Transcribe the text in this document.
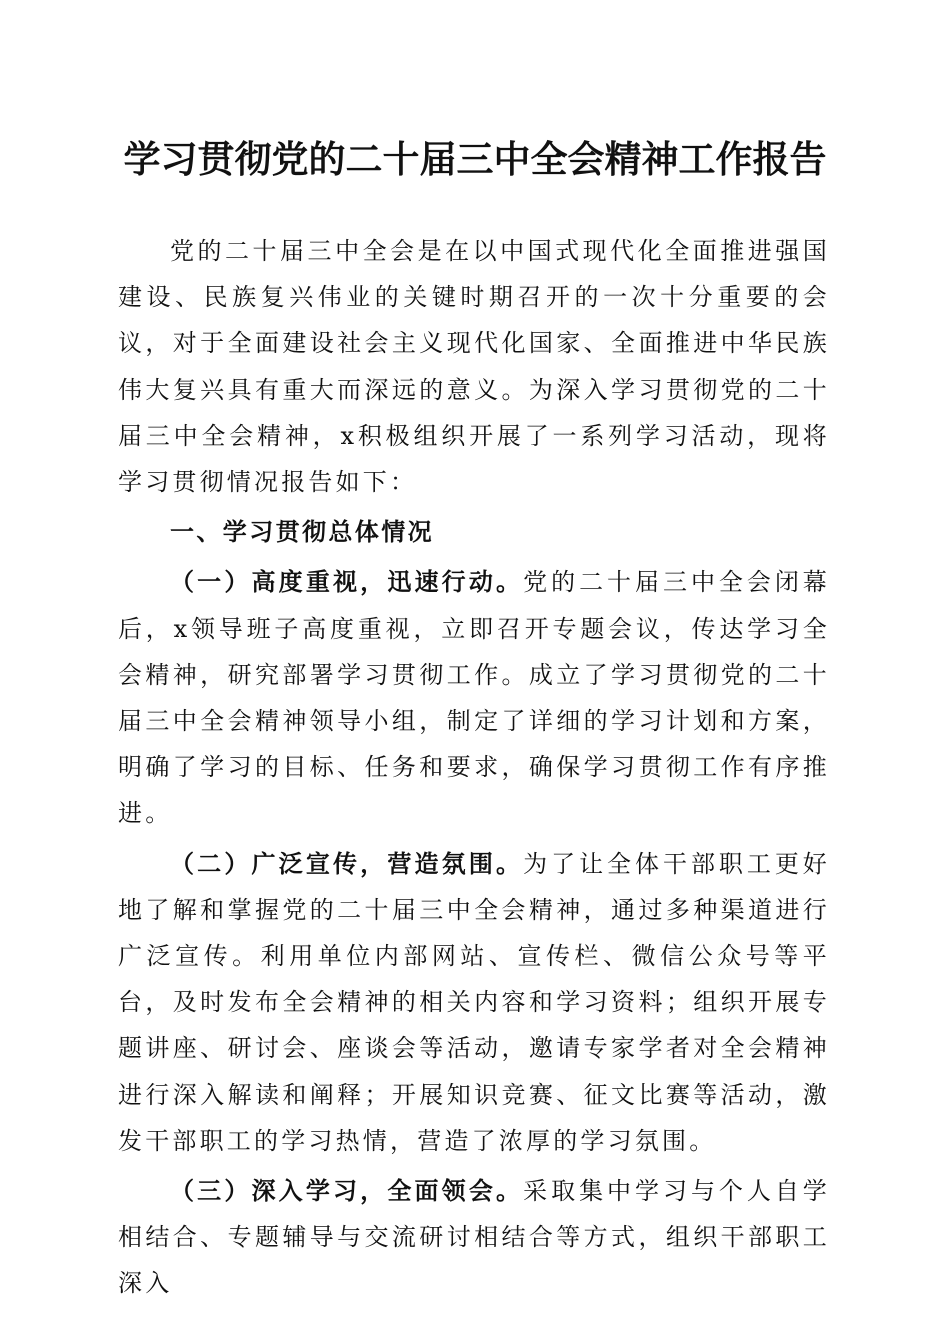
学习贯彻党的二十届三中全会精神工作报告

党的二十届三中全会是在以中国式现代化全面推进强国建设、民族复兴伟业的关键时期召开的一次十分重要的会议，对于全面建设社会主义现代化国家、全面推进中华民族伟大复兴具有重大而深远的意义。为深入学习贯彻党的二十届三中全会精神，x积极组织开展了一系列学习活动，现将学习贯彻情况报告如下：

一、学习贯彻总体情况

（一）高度重视，迅速行动。党的二十届三中全会闭幕后，x领导班子高度重视，立即召开专题会议，传达学习全会精神，研究部署学习贯彻工作。成立了学习贯彻党的二十届三中全会精神领导小组，制定了详细的学习计划和方案，明确了学习的目标、任务和要求，确保学习贯彻工作有序推进。

（二）广泛宣传，营造氛围。为了让全体干部职工更好地了解和掌握党的二十届三中全会精神，通过多种渠道进行广泛宣传。利用单位内部网站、宣传栏、微信公众号等平台，及时发布全会精神的相关内容和学习资料；组织开展专题讲座、研讨会、座谈会等活动，邀请专家学者对全会精神进行深入解读和阐释；开展知识竞赛、征文比赛等活动，激发干部职工的学习热情，营造了浓厚的学习氛围。

（三）深入学习，全面领会。采取集中学习与个人自学相结合、专题辅导与交流研讨相结合等方式，组织干部职工深入
